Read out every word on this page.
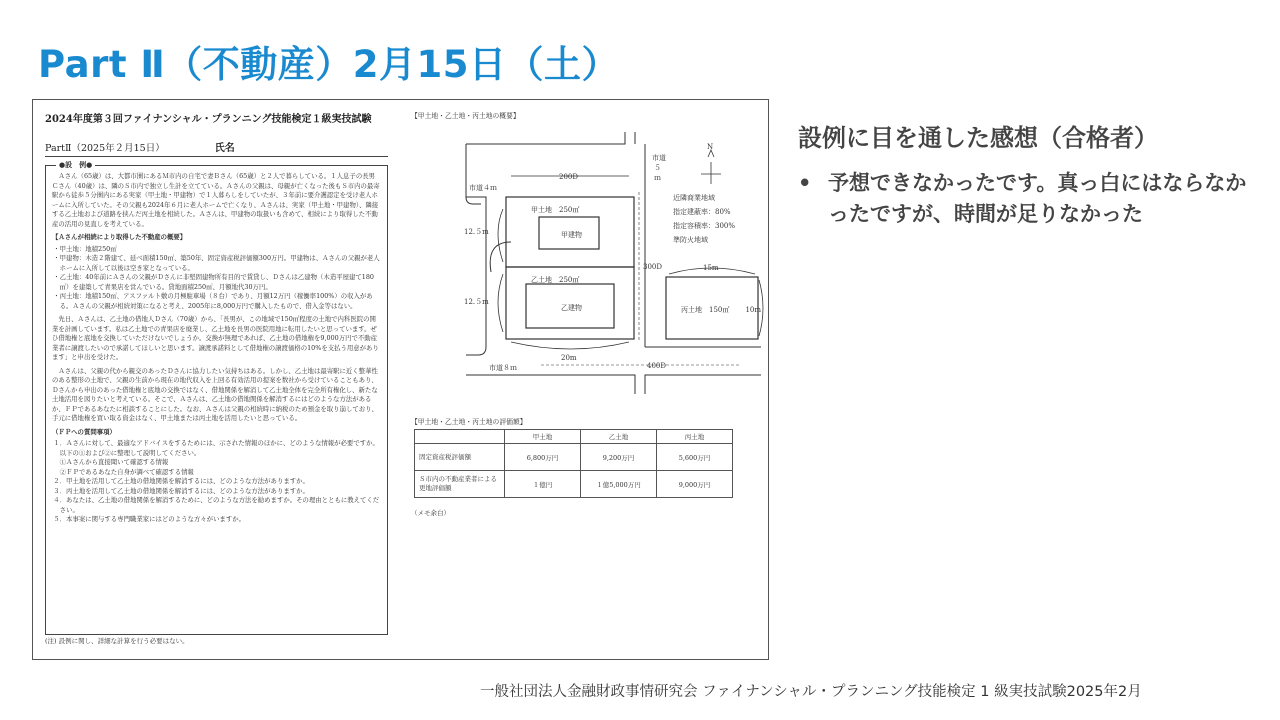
Part Ⅱ（不動産）2月15日（土）
2024年度第３回ファイナンシャル・プランニング技能検定１級実技試験
PartⅡ（2025年２月15日）	氏名
●設　例●

Ａさん（65歳）は、大都市圏にあるＭ市内の自宅で妻Ｂさん（65歳）と２人で暮らしている。１人息子の長男Ｃさん（40歳）は、隣のＳ市内で独立し生計を立てている。Ａさんの父親は、母親が亡くなった後もＳ市内の最寄駅から徒歩５分圏内にある実家（甲土地・甲建物）で１人暮らしをしていたが、３年前に要介護認定を受け老人ホームに入所していた。その父親も2024年６月に老人ホームで亡くなり、Ａさんは、実家（甲土地・甲建物）、隣接する乙土地および道路を挟んだ丙土地を相続した。Ａさんは、甲建物の取扱いも含めて、相続により取得した不動産の活用の見直しを考えている。

【Ａさんが相続により取得した不動産の概要】
・甲土地：地積250㎡
・甲建物：木造２階建て、延べ面積150㎡、築50年、固定資産税評価額300万円。甲建物は、Ａさんの父親が老人ホームに入所して以後は空き家となっている。
・乙土地：40年前にＡさんの父親がＤさんに非堅固建物所有目的で賃貸し、Ｄさんは乙建物（木造平屋建て180㎡）を建築して青果店を営んでいる。貸地面積250㎡、月額地代30万円。
・丙土地：地積150㎡、アスファルト敷の月極駐車場（８台）であり、月額12万円（稼働率100%）の収入がある。Ａさんの父親が相続対策になると考え、2005年に8,000万円で購入したもので、借入金等はない。

先日、Ａさんは、乙土地の借地人Ｄさん（70歳）から、「長男が、この地域で150㎡程度の土地で内科医院の開業を計画しています。私は乙土地での青果店を廃業し、乙土地を長男の医院用地に転用したいと思っています。ぜひ借地権と底地を交換していただけないでしょうか。交換が無理であれば、乙土地の借地権を9,000万円で不動産業者に譲渡したいので承諾してほしいと思います。譲渡承諾料として借地権の譲渡価格の10%を支払う用意があります」と申出を受けた。

Ａさんは、父親の代から親交のあったＤさんに協力したい気持ちはある。しかし、乙土地は最寄駅に近く整華性のある整形の土地で、父親の生前から現在の地代収入を上回る有効活用の提案を数社から受けていることもあり、Ｄさんから申出のあった借地権と底地の交換ではなく、借地関係を解消して乙土地全体を完全所有権化し、新たな土地活用を図りたいと考えている。そこで、Ａさんは、乙土地の借地関係を解消するにはどのような方法があるか、ＦＰであるあなたに相談することにした。なお、Ａさんは父親の相続時に納税のため預金を取り崩しており、手元に借地権を買い取る資金はなく、甲土地または丙土地を活用したいと思っている。

（ＦＰへの質問事項）
１．Ａさんに対して、最適なアドバイスをするためには、示された情報のほかに、どのような情報が必要ですか。以下の①および②に整理して説明してください。
　①Ａさんから直接聞いて確認する情報
　②ＦＰであるあなた自身が調べて確認する情報
２．甲土地を活用して乙土地の借地関係を解消するには、どのような方法がありますか。
３．丙土地を活用して乙土地の借地関係を解消するには、どのような方法がありますか。
４．あなたは、乙土地の借地関係を解消するために、どのような方法を勧めますか。その理由とともに教えてください。
５．本事案に関与する専門職業家にはどのような方々がいますか。
(注) 設例に関し、詳細な計算を行う必要はない。
【甲土地・乙土地・丙土地の概要】
市道４ｍ
200D
市道
５
ｍ
N
甲土地　250㎡
甲建物
乙土地　250㎡
乙建物
12.５m
12.５m
20m
300D
丙土地　150㎡
15m
10m
市道８ｍ	400D
近隣商業地域
指定建蔽率：80%
指定容積率：300%
準防火地域
【甲土地・乙土地・丙土地の評価額】
	甲土地	乙土地	丙土地
固定資産税評価額	6,800万円	9,200万円	5,600万円
Ｓ市内の不動産業者による更地評価額	１億円	１億5,000万円	9,000万円
（メモ余白）
設例に目を通した感想（合格者）
• 予想できなかったです。真っ白にはならなかったですが、時間が足りなかった
一般社団法人金融財政事情研究会 ファイナンシャル・プランニング技能検定 1 級実技試験2025年2月
